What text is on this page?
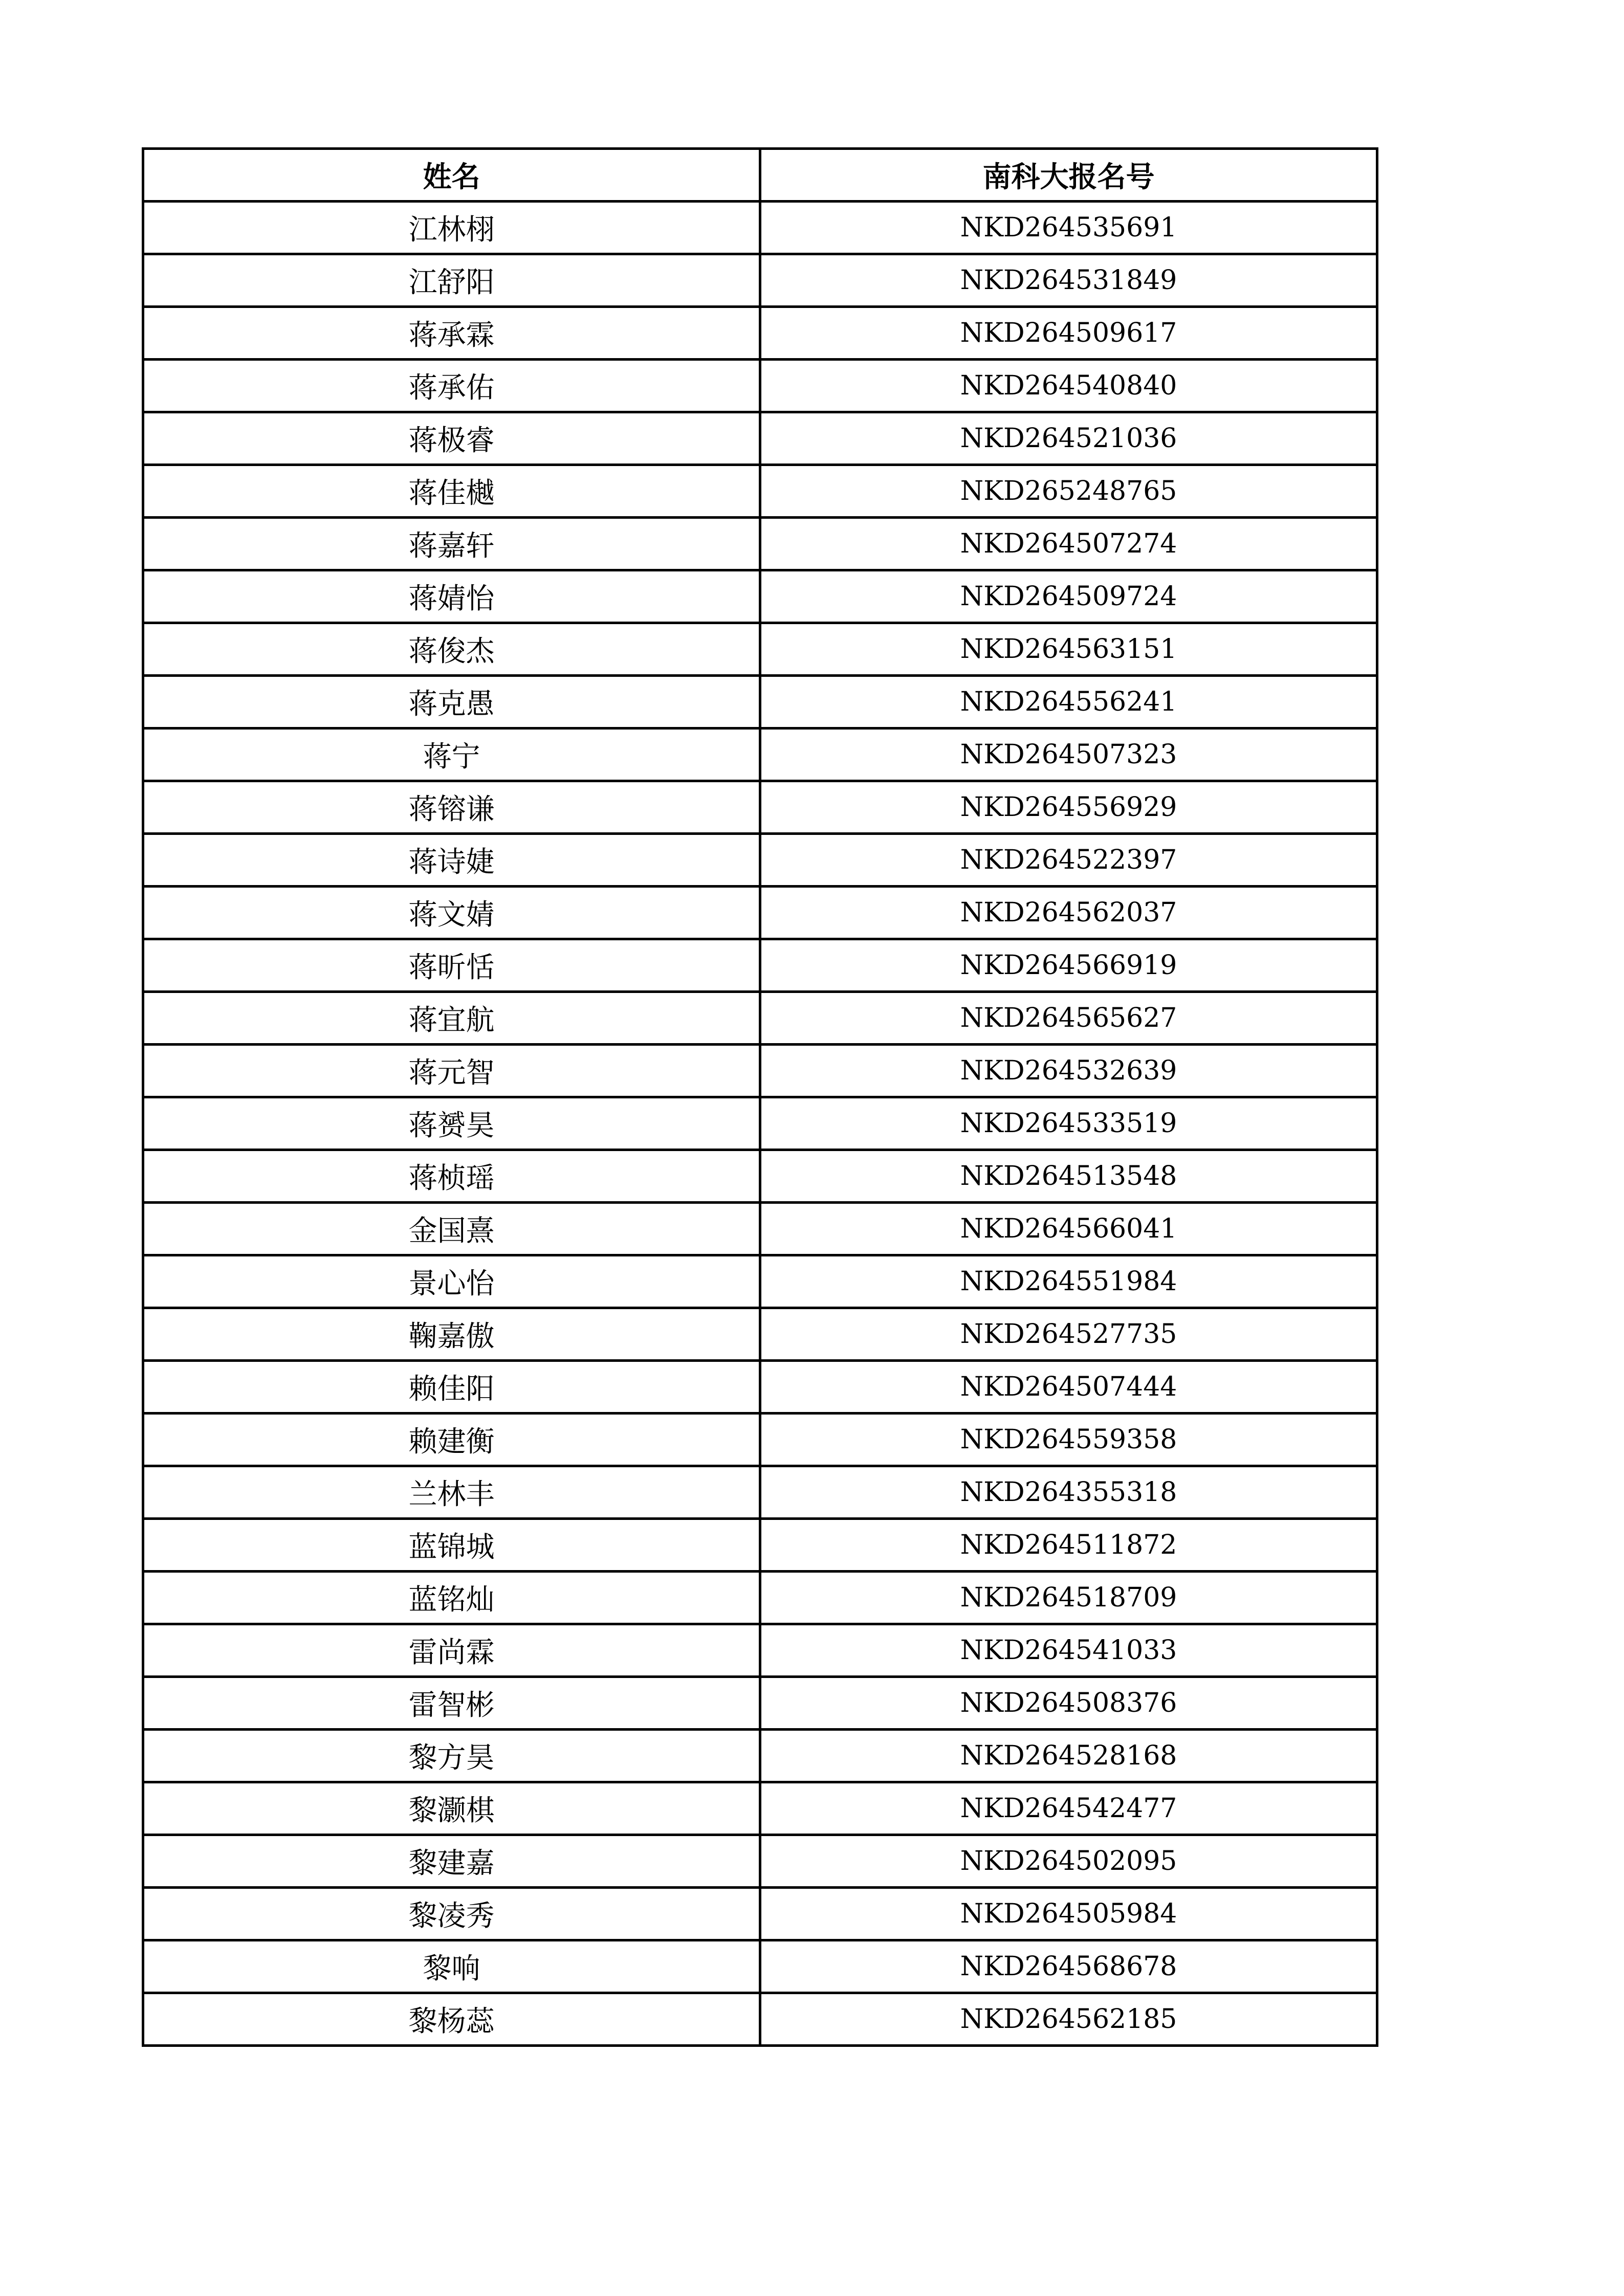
姓名	南科大报名号
江林栩	NKD264535691
江舒阳	NKD264531849
蒋承霖	NKD264509617
蒋承佑	NKD264540840
蒋极睿	NKD264521036
蒋佳樾	NKD265248765
蒋嘉轩	NKD264507274
蒋婧怡	NKD264509724
蒋俊杰	NKD264563151
蒋克愚	NKD264556241
蒋宁	NKD264507323
蒋镕谦	NKD264556929
蒋诗婕	NKD264522397
蒋文婧	NKD264562037
蒋昕恬	NKD264566919
蒋宜航	NKD264565627
蒋元智	NKD264532639
蒋赟昊	NKD264533519
蒋桢瑶	NKD264513548
金国熹	NKD264566041
景心怡	NKD264551984
鞠嘉傲	NKD264527735
赖佳阳	NKD264507444
赖建衡	NKD264559358
兰林丰	NKD264355318
蓝锦城	NKD264511872
蓝铭灿	NKD264518709
雷尚霖	NKD264541033
雷智彬	NKD264508376
黎方昊	NKD264528168
黎灏棋	NKD264542477
黎建嘉	NKD264502095
黎凌秀	NKD264505984
黎响	NKD264568678
黎杨蕊	NKD264562185
